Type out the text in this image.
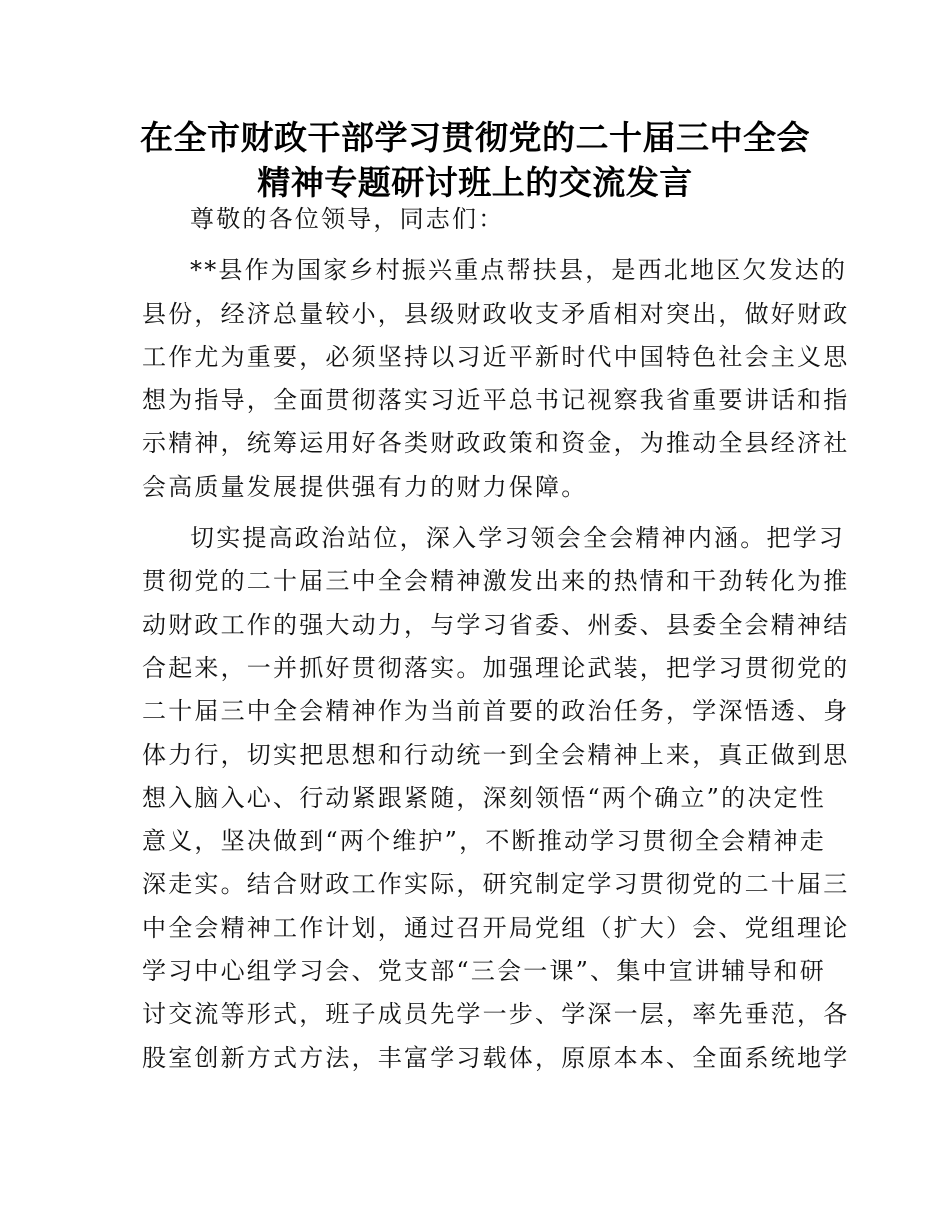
在全市财政干部学习贯彻党的二十届三中全会
精神专题研讨班上的交流发言
尊敬的各位领导，同志们：
**县作为国家乡村振兴重点帮扶县，是西北地区欠发达的
县份，经济总量较小，县级财政收支矛盾相对突出，做好财政
工作尤为重要，必须坚持以习近平新时代中国特色社会主义思
想为指导，全面贯彻落实习近平总书记视察我省重要讲话和指
示精神，统筹运用好各类财政政策和资金，为推动全县经济社
会高质量发展提供强有力的财力保障。
切实提高政治站位，深入学习领会全会精神内涵。把学习
贯彻党的二十届三中全会精神激发出来的热情和干劲转化为推
动财政工作的强大动力，与学习省委、州委、县委全会精神结
合起来，一并抓好贯彻落实。加强理论武装，把学习贯彻党的
二十届三中全会精神作为当前首要的政治任务，学深悟透、身
体力行，切实把思想和行动统一到全会精神上来，真正做到思
想入脑入心、行动紧跟紧随，深刻领悟“两个确立”的决定性
意义，坚决做到“两个维护”，不断推动学习贯彻全会精神走
深走实。结合财政工作实际，研究制定学习贯彻党的二十届三
中全会精神工作计划，通过召开局党组（扩大）会、党组理论
学习中心组学习会、党支部“三会一课”、集中宣讲辅导和研
讨交流等形式，班子成员先学一步、学深一层，率先垂范，各
股室创新方式方法，丰富学习载体，原原本本、全面系统地学
